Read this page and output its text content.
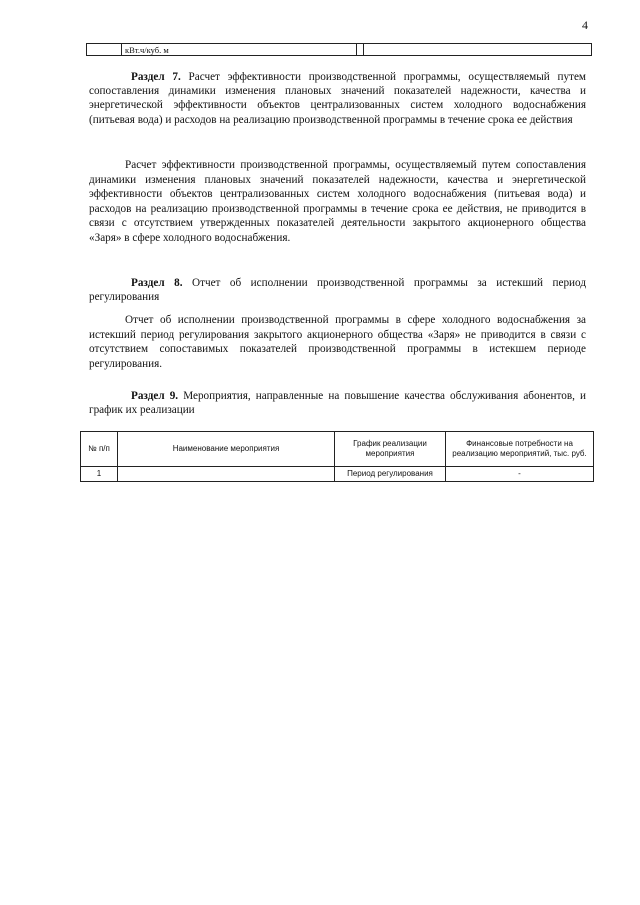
4
	кВт.ч/куб. м		
Раздел 7. Расчет эффективности производственной программы, осуществляемый путем сопоставления динамики изменения плановых значений показателей надежности, качества и энергетической эффективности объектов централизованных систем холодного водоснабжения (питьевая вода) и расходов на реализацию производственной программы в течение срока ее действия
Расчет эффективности производственной программы, осуществляемый путем сопоставления динамики изменения плановых значений показателей надежности, качества и энергетической эффективности объектов централизованных систем холодного водоснабжения (питьевая вода) и расходов на реализацию производственной программы в течение срока ее действия, не приводится в связи с отсутствием утвержденных показателей деятельности закрытого акционерного общества «Заря» в сфере холодного водоснабжения.
Раздел 8. Отчет об исполнении производственной программы за истекший период регулирования
Отчет об исполнении производственной программы в сфере холодного водоснабжения за истекший период регулирования закрытого акционерного общества «Заря» не приводится в связи с отсутствием сопоставимых показателей производственной программы в истекшем периоде регулирования.
Раздел 9. Мероприятия, направленные на повышение качества обслуживания абонентов, и график их реализации
№ п/п	Наименование мероприятия	График реализации мероприятия	Финансовые потребности на реализацию мероприятий, тыс. руб.
1		Период регулирования	-
